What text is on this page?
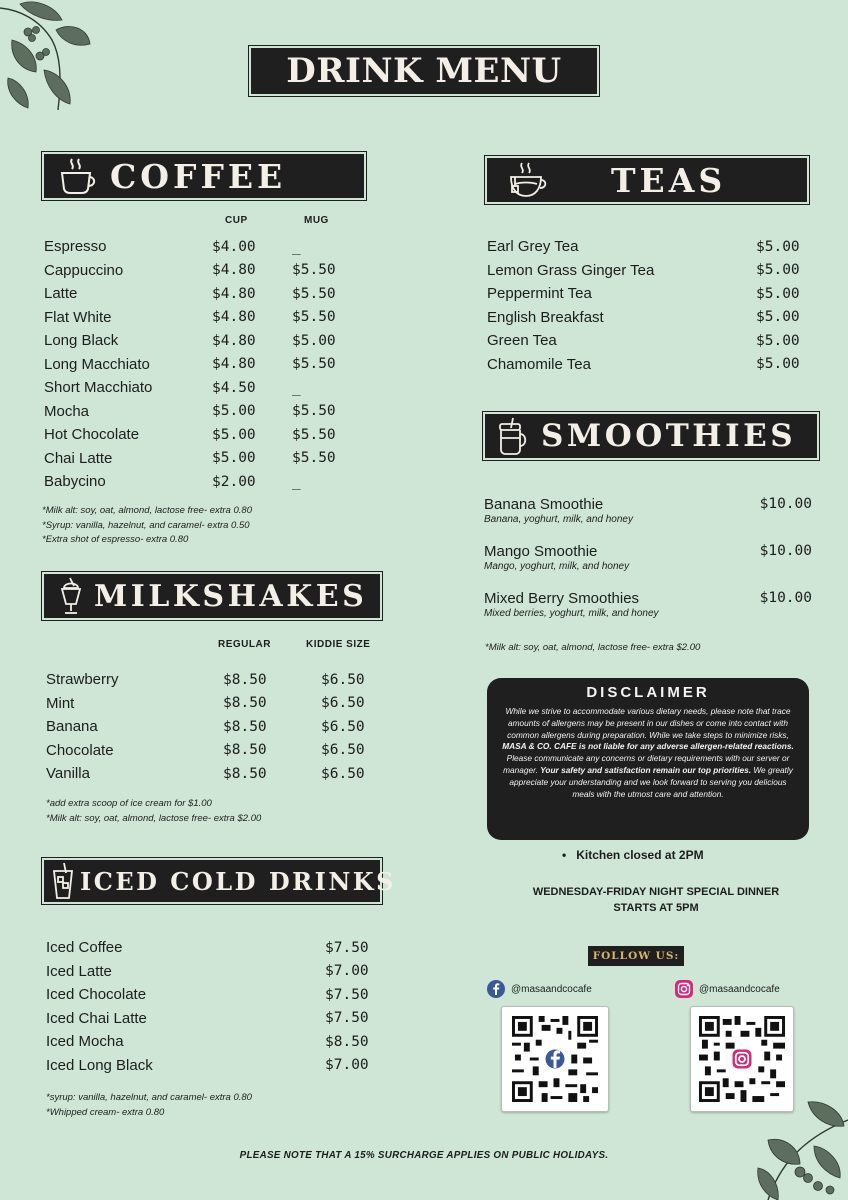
DRINK MENU
COFFEE
CUP	MUG
Espresso	$4.00	_
Cappuccino	$4.80	$5.50
Latte	$4.80	$5.50
Flat White	$4.80	$5.50
Long Black	$4.80	$5.00
Long Macchiato	$4.80	$5.50
Short Macchiato	$4.50	_
Mocha	$5.00	$5.50
Hot Chocolate	$5.00	$5.50
Chai Latte	$5.00	$5.50
Babycino	$2.00	_
*Milk alt: soy, oat, almond, lactose free- extra 0.80
*Syrup: vanilla, hazelnut, and caramel- extra 0.50
*Extra shot of espresso- extra 0.80
MILKSHAKES
REGULAR	KIDDIE SIZE
Strawberry	$8.50	$6.50
Mint	$8.50	$6.50
Banana	$8.50	$6.50
Chocolate	$8.50	$6.50
Vanilla	$8.50	$6.50
*add extra scoop of ice cream for $1.00
*Milk alt: soy, oat, almond, lactose free- extra $2.00
ICED COLD DRINKS
Iced Coffee	$7.50
Iced Latte	$7.00
Iced Chocolate	$7.50
Iced Chai Latte	$7.50
Iced Mocha	$8.50
Iced Long Black	$7.00
*syrup: vanilla, hazelnut, and caramel- extra 0.80
*Whipped cream- extra 0.80
TEAS
Earl Grey Tea	$5.00
Lemon Grass Ginger Tea	$5.00
Peppermint Tea	$5.00
English Breakfast	$5.00
Green Tea	$5.00
Chamomile Tea	$5.00
SMOOTHIES
Banana Smoothie
Banana, yoghurt, milk, and honey
$10.00
Mango Smoothie
Mango, yoghurt, milk, and honey
$10.00
Mixed Berry Smoothies
Mixed berries, yoghurt, milk, and honey
$10.00
*Milk alt: soy, oat, almond, lactose free- extra $2.00
DISCLAIMER
While we strive to accommodate various dietary needs, please note that trace amounts of allergens may be present in our dishes or come into contact with common allergens during preparation. While we take steps to minimize risks, MASA & CO. CAFE is not liable for any adverse allergen-related reactions. Please communicate any concerns or dietary requirements with our server or manager. Your safety and satisfaction remain our top priorities. We greatly appreciate your understanding and we look forward to serving you delicious meals with the utmost care and attention.
•   Kitchen closed at 2PM
WEDNESDAY-FRIDAY NIGHT SPECIAL DINNER
STARTS AT 5PM
FOLLOW US:
@masaandcocafe	@masaandcocafe
PLEASE NOTE THAT A 15% SURCHARGE APPLIES ON PUBLIC HOLIDAYS.
